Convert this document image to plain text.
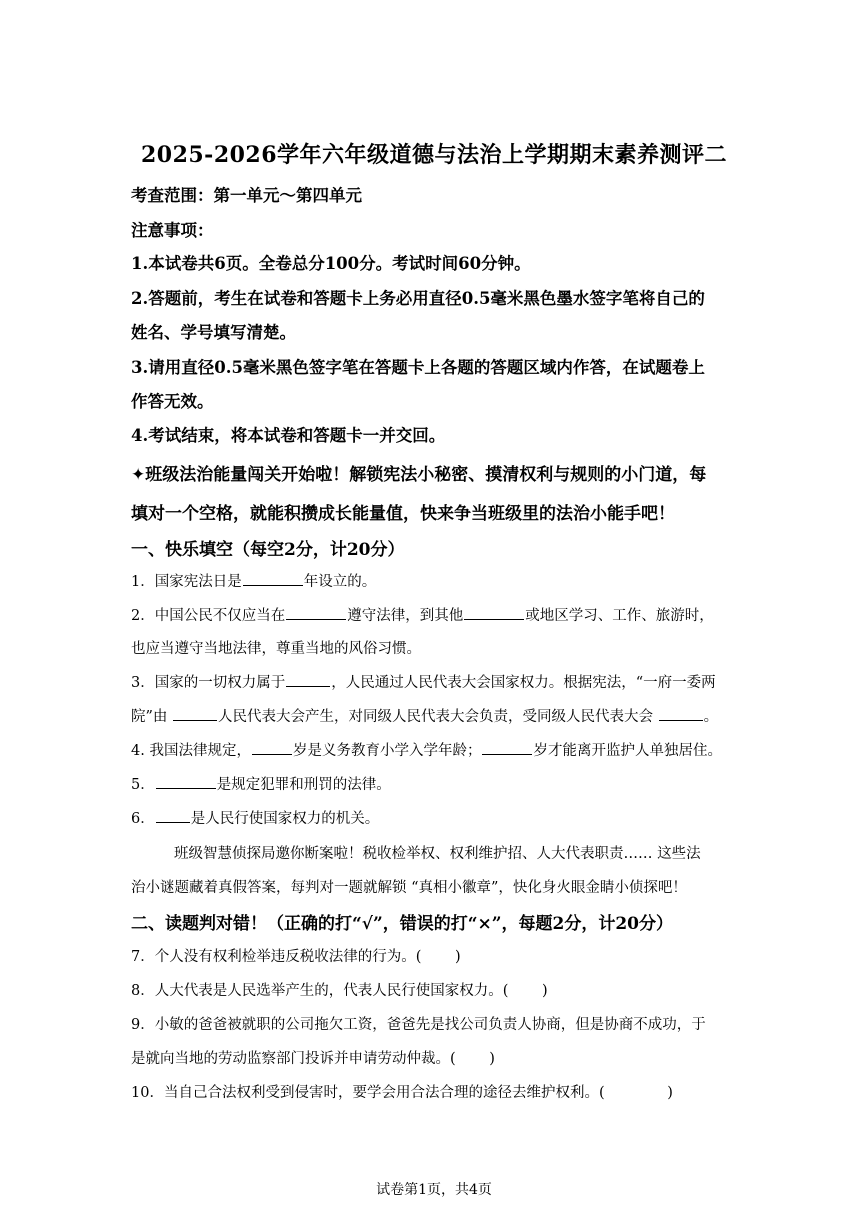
2025-2026学年六年级道德与法治上学期期末素养测评二
考查范围：第一单元～第四单元
注意事项：
1.本试卷共6页。全卷总分100分。考试时间60分钟。
2.答题前，考生在试卷和答题卡上务必用直径0.5毫米黑色墨水签字笔将自己的
姓名、学号填写清楚。
3.请用直径0.5毫米黑色签字笔在答题卡上各题的答题区域内作答，在试题卷上
作答无效。
4.考试结束，将本试卷和答题卡一并交回。
✦班级法治能量闯关开始啦！解锁宪法小秘密、摸清权利与规则的小门道，每
填对一个空格，就能积攒成长能量值，快来争当班级里的法治小能手吧！
一、快乐填空（每空2分，计20分）
1．国家宪法日是	年设立的。
2．中国公民不仅应当在	遵守法律，到其他	或地区学习、工作、旅游时，
也应当遵守当地法律，尊重当地的风俗习惯。
3．国家的一切权力属于	，人民通过人民代表大会国家权力。根据宪法，“一府一委两
院”由	人民代表大会产生，对同级人民代表大会负责，受同级人民代表大会	。
4. 我国法律规定，	岁是义务教育小学入学年龄；	岁才能离开监护人单独居住。
5．	是规定犯罪和刑罚的法律。
6． 是人民行使国家权力的机关。
班级智慧侦探局邀你断案啦！税收检举权、权利维护招、人大代表职责…… 这些法
治小谜题藏着真假答案，每判对一题就解锁 “真相小徽章”，快化身火眼金睛小侦探吧！
二、读题判对错！（正确的打“√”，错误的打“×”，每题2分，计20分）
7．个人没有权利检举违反税收法律的行为。(　　 )
8．人大代表是人民选举产生的，代表人民行使国家权力。(　　 )
9．小敏的爸爸被就职的公司拖欠工资，爸爸先是找公司负责人协商，但是协商不成功，于
是就向当地的劳动监察部门投诉并申请劳动仲裁。(　　 )
10．当自己合法权利受到侵害时，要学会用合法合理的途径去维护权利。(　　　　 )
试卷第1页，共4页
